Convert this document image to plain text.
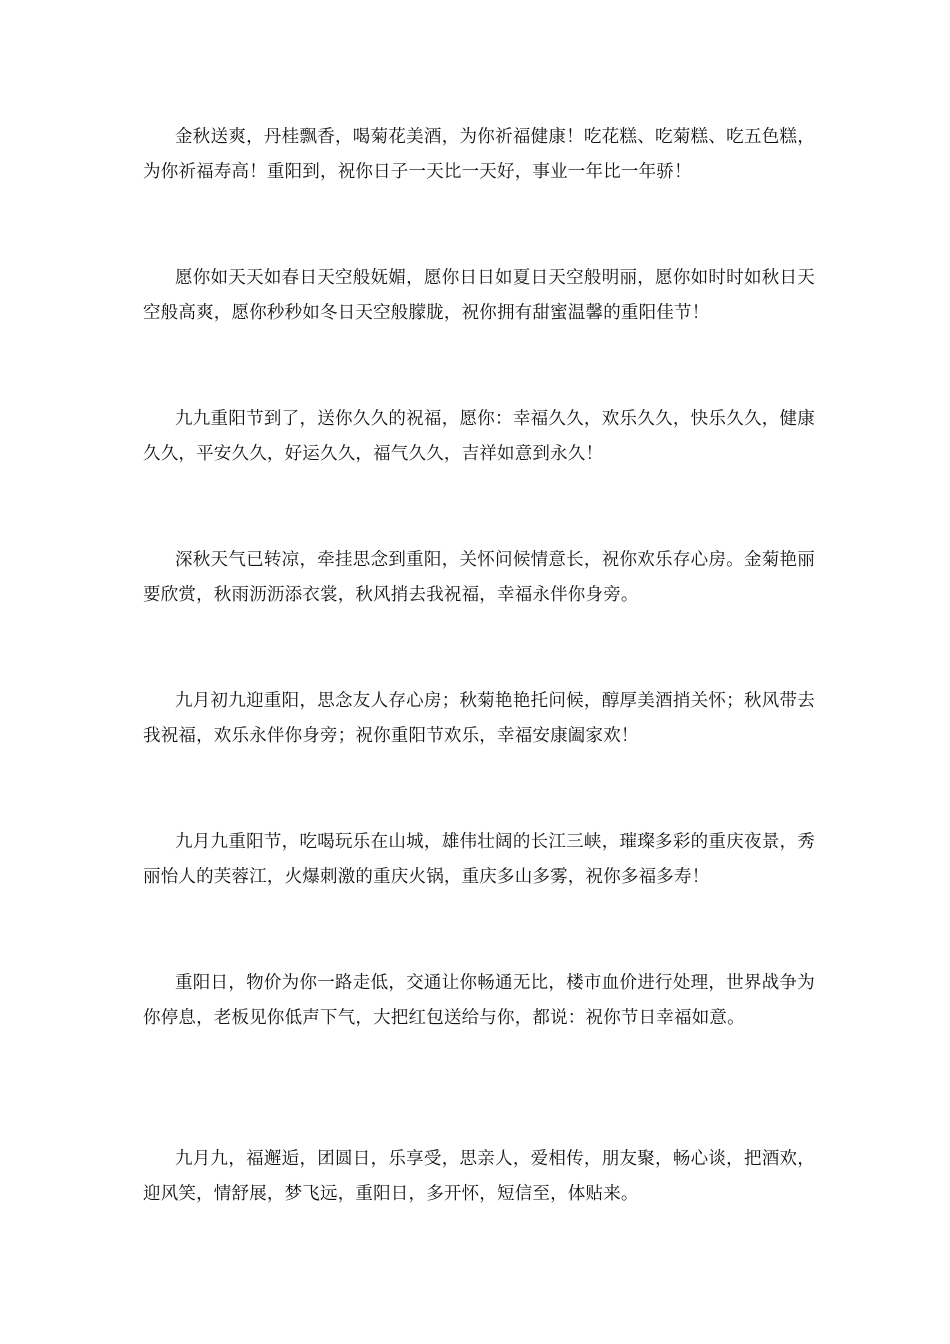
金秋送爽，丹桂飘香，喝菊花美酒，为你祈福健康！吃花糕、吃菊糕、吃五色糕，为你祈福寿高！重阳到，祝你日子一天比一天好，事业一年比一年骄！

愿你如天天如春日天空般妩媚，愿你日日如夏日天空般明丽，愿你如时时如秋日天空般高爽，愿你秒秒如冬日天空般朦胧，祝你拥有甜蜜温馨的重阳佳节！

九九重阳节到了，送你久久的祝福，愿你：幸福久久，欢乐久久，快乐久久，健康久久，平安久久，好运久久，福气久久，吉祥如意到永久！

深秋天气已转凉，牵挂思念到重阳，关怀问候情意长，祝你欢乐存心房。金菊艳丽要欣赏，秋雨沥沥添衣裳，秋风捎去我祝福，幸福永伴你身旁。

九月初九迎重阳，思念友人存心房；秋菊艳艳托问候，醇厚美酒捎关怀；秋风带去我祝福，欢乐永伴你身旁；祝你重阳节欢乐，幸福安康阖家欢！

九月九重阳节，吃喝玩乐在山城，雄伟壮阔的长江三峡，璀璨多彩的重庆夜景，秀丽怡人的芙蓉江，火爆刺激的重庆火锅，重庆多山多雾，祝你多福多寿！

重阳日，物价为你一路走低，交通让你畅通无比，楼市血价进行处理，世界战争为你停息，老板见你低声下气，大把红包送给与你，都说：祝你节日幸福如意。

九月九，福邂逅，团圆日，乐享受，思亲人，爱相传，朋友聚，畅心谈，把酒欢，迎风笑，情舒展，梦飞远，重阳日，多开怀，短信至，体贴来。
